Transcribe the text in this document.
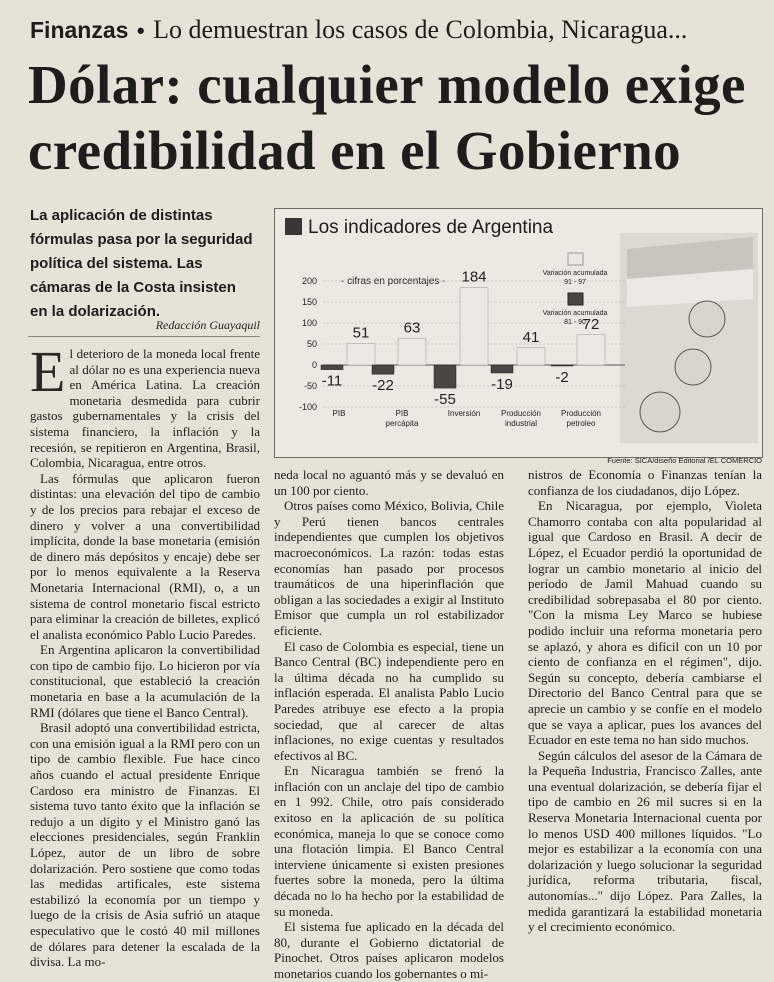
Finanzas • Lo demuestran los casos de Colombia, Nicaragua...
Dólar: cualquier modelo exige credibilidad en el Gobierno
La aplicación de distintas fórmulas pasa por la seguridad política del sistema. Las cámaras de la Costa insisten en la dolarización.
Redacción Guayaquil
Los indicadores de Argentina
- cifras en porcentajes -
200
150
100
50
0
-50
-100
51
-11
PIB
63
-22
PIB
percápita
184
-55
Inversión
41
-19
Producción
industrial
72
-2
Producción
petroleo
Variación acumulada
91 - 97
Variación acumulada
81 - 90
Fuente: SICA/diseño Editorial /EL COMERCIO

El deterioro de la moneda local frente al dólar no es una experiencia nueva en América Latina. La creación monetaria desmedida para cubrir gastos gubernamentales y la crisis del sistema financiero, la inflación y la recesión, se repitieron en Argentina, Brasil, Colombia, Nicaragua, entre otros.

Las fórmulas que aplicaron fueron distintas: una elevación del tipo de cambio y de los precios para rebajar el exceso de dinero y volver a una convertibilidad implícita, donde la base monetaria (emisión de dinero más depósitos y encaje) debe ser por lo menos equivalente a la Reserva Monetaria Internacional (RMI), o, a un sistema de control monetario fiscal estricto para eliminar la creación de billetes, explicó el analista económico Pablo Lucio Paredes.

En Argentina aplicaron la convertibilidad con tipo de cambio fijo. Lo hicieron por vía constitucional, que estableció la creación monetaria en base a la acumulación de la RMI (dólares que tiene el Banco Central).

Brasil adoptó una convertibilidad estricta, con una emisión igual a la RMI pero con un tipo de cambio flexible. Fue hace cinco años cuando el actual presidente Enrique Cardoso era ministro de Finanzas. El sistema tuvo tanto éxito que la inflación se redujo a un dígito y el Ministro ganó las elecciones presidenciales, según Franklin López, autor de un libro de sobre dolarización. Pero sostiene que como todas las medidas artificales, este sistema estabilizó la economía por un tiempo y luego de la crisis de Asia sufrió un ataque especulativo que le costó 40 mil millones de dólares para detener la escalada de la divisa. La mo-

neda local no aguantó más y se devaluó en un 100 por ciento.

Otros países como México, Bolivia, Chile y Perú tienen bancos centrales independientes que cumplen los objetivos macroeconómicos. La razón: todas estas economías han pasado por procesos traumáticos de una hiperinflación que obligan a las sociedades a exigir al Instituto Emisor que cumpla un rol estabilizador eficiente.

El caso de Colombia es especial, tiene un Banco Central (BC) independiente pero en la última década no ha cumplido su inflación esperada. El analista Pablo Lucio Paredes atribuye ese efecto a la propia sociedad, que al carecer de altas inflaciones, no exige cuentas y resultados efectivos al BC.

En Nicaragua también se frenó la inflación con un anclaje del tipo de cambio en 1 992. Chile, otro país considerado exitoso en la aplicación de su política económica, maneja lo que se conoce como una flotación limpia. El Banco Central interviene únicamente si existen presiones fuertes sobre la moneda, pero la última década no lo ha hecho por la estabilidad de su moneda.

El sistema fue aplicado en la década del 80, durante el Gobierno dictatorial de Pinochet. Otros países aplicaron modelos monetarios cuando los gobernantes o mi-

nistros de Economía o Finanzas tenían la confianza de los ciudadanos, dijo López.

En Nicaragua, por ejemplo, Violeta Chamorro contaba con alta popularidad al igual que Cardoso en Brasil. A decir de López, el Ecuador perdió la oportunidad de lograr un cambio monetario al inicio del período de Jamil Mahuad cuando su credibilidad sobrepasaba el 80 por ciento. "Con la misma Ley Marco se hubiese podido incluir una reforma monetaria pero se aplazó, y ahora es difícil con un 10 por ciento de confianza en el régimen", dijo. Según su concepto, debería cambiarse el Directorio del Banco Central para que se aprecie un cambio y se confíe en el modelo que se vaya a aplicar, pues los avances del Ecuador en este tema no han sido muchos.

Según cálculos del asesor de la Cámara de la Pequeña Industria, Francisco Zalles, ante una eventual dolarización, se debería fijar el tipo de cambio en 26 mil sucres si en la Reserva Monetaria Internacional cuenta por lo menos USD 400 millones líquidos. "Lo mejor es estabilizar a la economía con una dolarización y luego solucionar la seguridad jurídica, reforma tributaria, fiscal, autonomías..." dijo López. Para Zalles, la medida garantizará la estabilidad monetaria y el crecimiento económico.
